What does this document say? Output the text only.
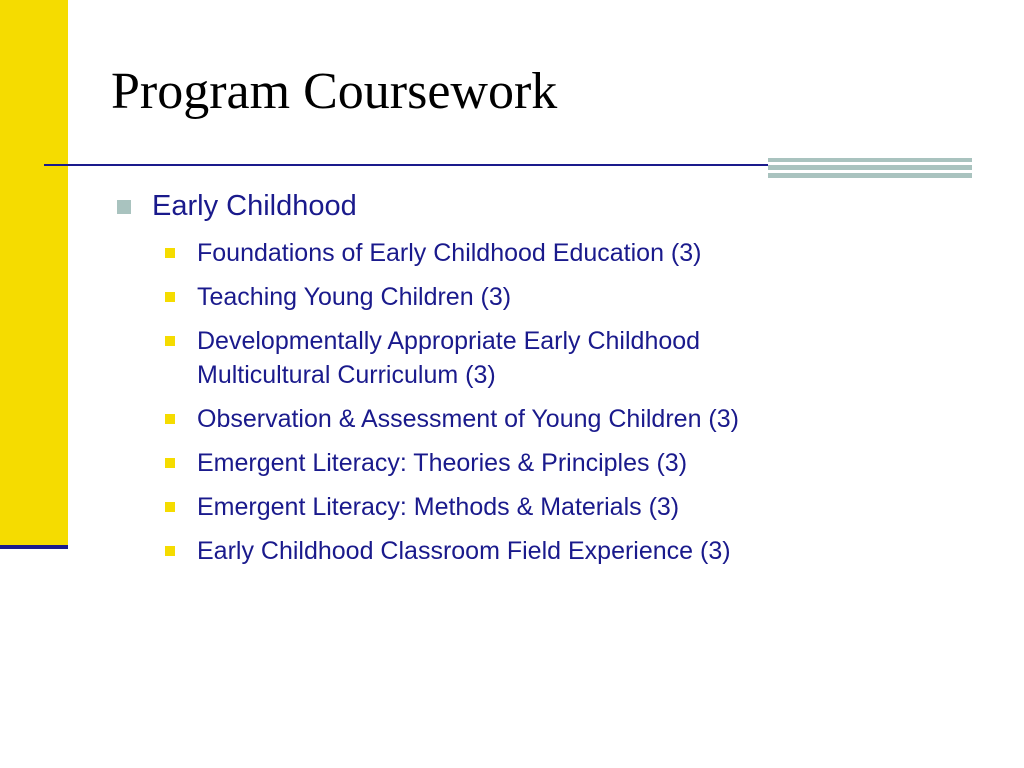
Program Coursework
Early Childhood
Foundations of Early Childhood Education (3)
Teaching Young Children (3)
Developmentally Appropriate Early Childhood Multicultural Curriculum (3)
Observation & Assessment of Young Children (3)
Emergent Literacy: Theories & Principles (3)
Emergent Literacy: Methods & Materials (3)
Early Childhood Classroom Field Experience (3)
